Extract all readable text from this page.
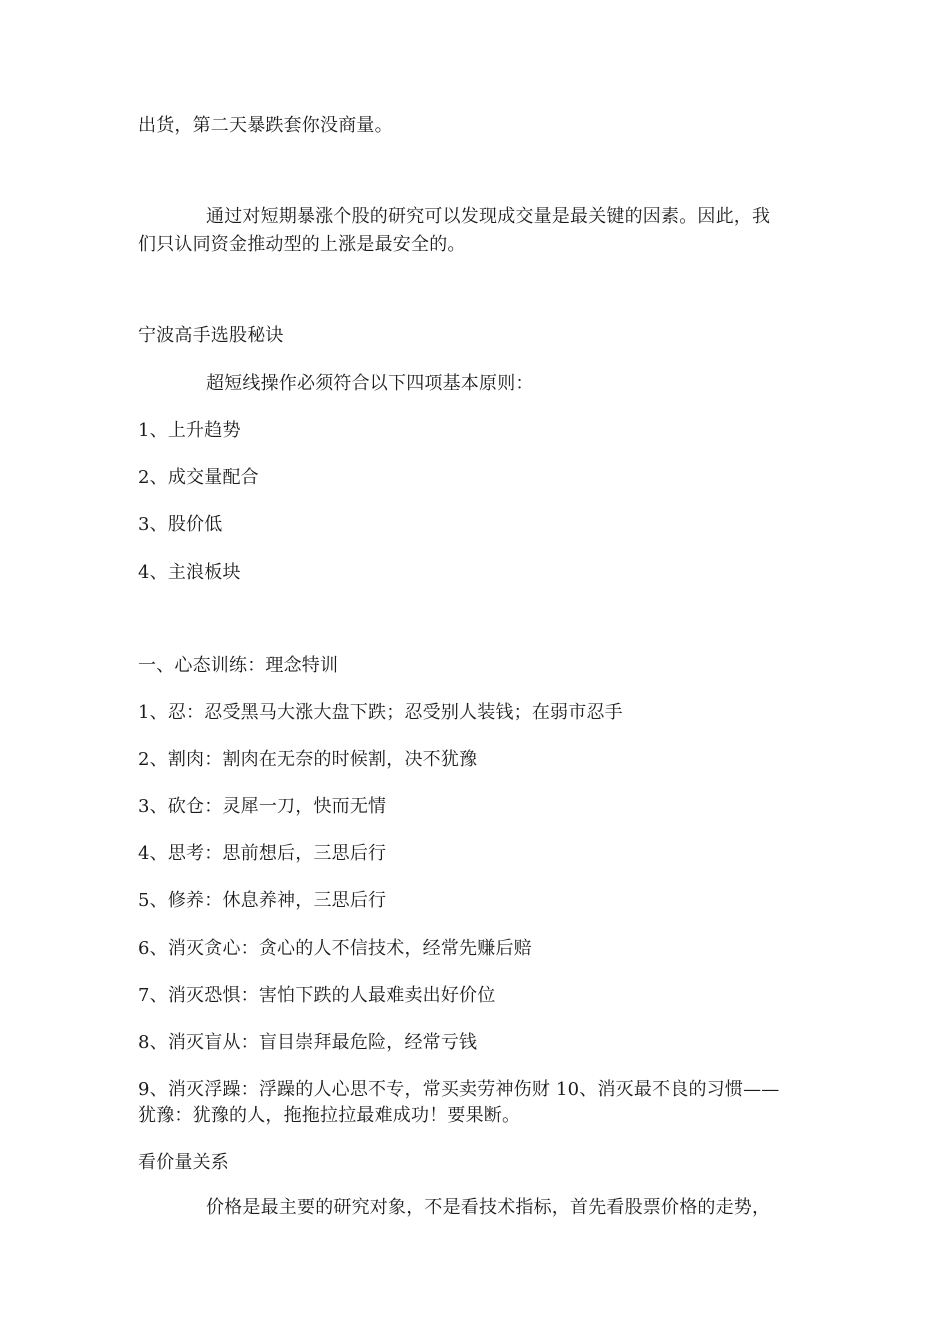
出货，第二天暴跌套你没商量。
通过对短期暴涨个股的研究可以发现成交量是最关键的因素。因此，我
们只认同资金推动型的上涨是最安全的。
宁波高手选股秘诀
超短线操作必须符合以下四项基本原则：
1、上升趋势
2、成交量配合
3、股价低
4、主浪板块
一、心态训练：理念特训
1、忍：忍受黑马大涨大盘下跌；忍受别人装钱；在弱市忍手
2、割肉：割肉在无奈的时候割，决不犹豫
3、砍仓：灵犀一刀，快而无情
4、思考：思前想后，三思后行
5、修养：休息养神，三思后行
6、消灭贪心：贪心的人不信技术，经常先赚后赔
7、消灭恐惧：害怕下跌的人最难卖出好价位
8、消灭盲从：盲目崇拜最危险，经常亏钱
9、消灭浮躁：浮躁的人心思不专，常买卖劳神伤财 10、消灭最不良的习惯——
犹豫：犹豫的人，拖拖拉拉最难成功！要果断。
看价量关系
价格是最主要的研究对象，不是看技术指标，首先看股票价格的走势，
